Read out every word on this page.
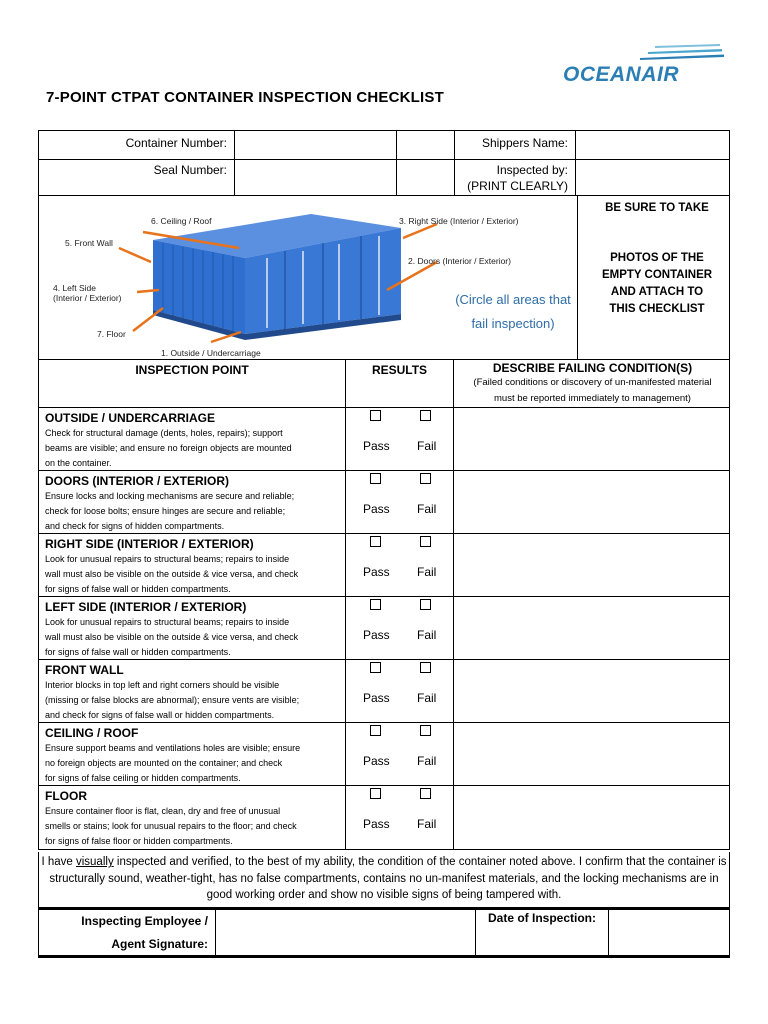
OCEANAIR
7-POINT CTPAT CONTAINER INSPECTION CHECKLIST
Container Number:	Shippers Name:
Seal Number:	Inspected by:
(PRINT CLEARLY)
6. Ceiling / Roof
5. Front Wall
4. Left Side
(Interior / Exterior)
7. Floor
1. Outside / Undercarriage
3. Right Side (Interior / Exterior)
2. Doors (Interior / Exterior)
(Circle all areas that
fail inspection)
BE SURE TO TAKE
PHOTOS OF THE
EMPTY CONTAINER
AND ATTACH TO
THIS CHECKLIST
INSPECTION POINT	RESULTS	DESCRIBE FAILING CONDITION(S)
(Failed conditions or discovery of un-manifested material
must be reported immediately to management)
OUTSIDE / UNDERCARRIAGE
Check for structural damage (dents, holes, repairs); support
beams are visible; and ensure no foreign objects are mounted
on the container.
Pass Fail
DOORS (INTERIOR / EXTERIOR)
Ensure locks and locking mechanisms are secure and reliable;
check for loose bolts; ensure hinges are secure and reliable;
and check for signs of hidden compartments.
Pass Fail
RIGHT SIDE (INTERIOR / EXTERIOR)
Look for unusual repairs to structural beams; repairs to inside
wall must also be visible on the outside & vice versa, and check
for signs of false wall or hidden compartments.
Pass Fail
LEFT SIDE (INTERIOR / EXTERIOR)
Look for unusual repairs to structural beams; repairs to inside
wall must also be visible on the outside & vice versa, and check
for signs of false wall or hidden compartments.
Pass Fail
FRONT WALL
Interior blocks in top left and right corners should be visible
(missing or false blocks are abnormal); ensure vents are visible;
and check for signs of false wall or hidden compartments.
Pass Fail
CEILING / ROOF
Ensure support beams and ventilations holes are visible; ensure
no foreign objects are mounted on the container; and check
for signs of false ceiling or hidden compartments.
Pass Fail
FLOOR
Ensure container floor is flat, clean, dry and free of unusual
smells or stains; look for unusual repairs to the floor; and check
for signs of false floor or hidden compartments.
Pass Fail
I have visually inspected and verified, to the best of my ability, the condition of the container noted above. I confirm that the container is structurally sound, weather-tight, has no false compartments, contains no un-manifest materials, and the locking mechanisms are in good working order and show no visible signs of being tampered with.
Inspecting Employee /
Agent Signature:
Date of Inspection:
